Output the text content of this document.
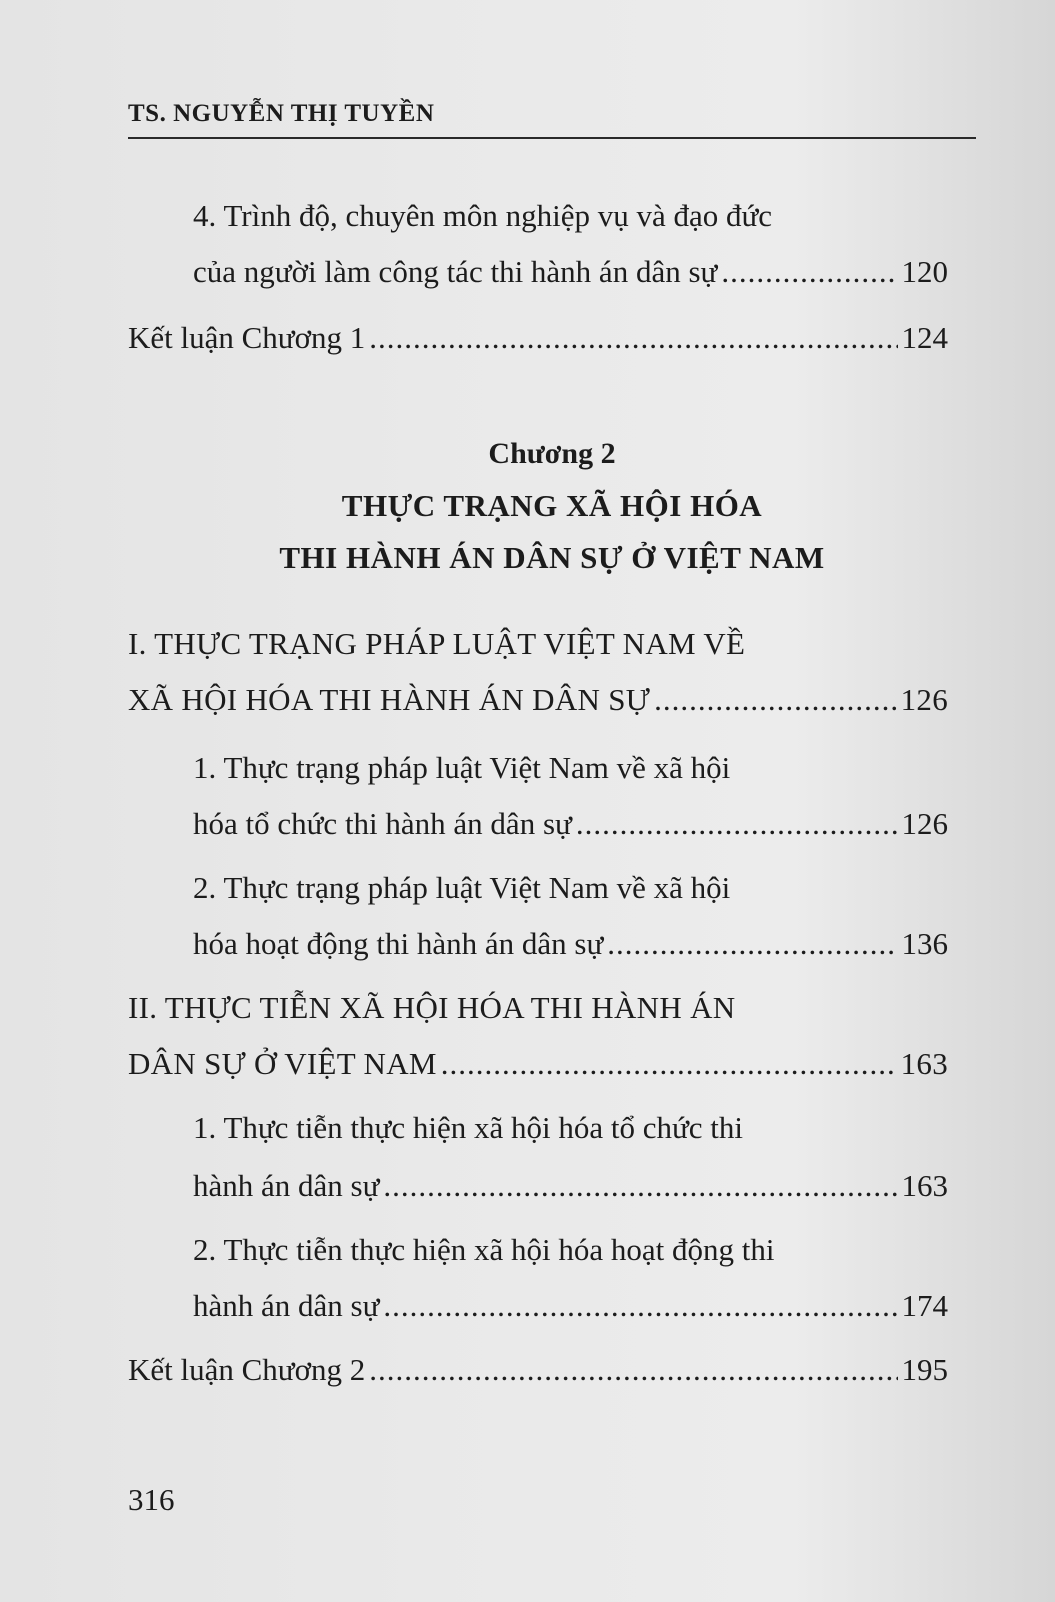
TS. NGUYỄN THỊ TUYỀN
4. Trình độ, chuyên môn nghiệp vụ và đạo đức
của người làm công tác thi hành án dân sự .....	120
Kết luận Chương 1 .....	124
Chương 2
THỰC TRẠNG XÃ HỘI HÓA
THI HÀNH ÁN DÂN SỰ Ở VIỆT NAM
I. THỰC TRẠNG PHÁP LUẬT VIỆT NAM VỀ
XÃ HỘI HÓA THI HÀNH ÁN DÂN SỰ .....	126
1. Thực trạng pháp luật Việt Nam về xã hội
hóa tổ chức thi hành án dân sự .....	126
2. Thực trạng pháp luật Việt Nam về xã hội
hóa hoạt động thi hành án dân sự .....	136
II. THỰC TIỄN XÃ HỘI HÓA THI HÀNH ÁN
DÂN SỰ Ở VIỆT NAM .....	163
1. Thực tiễn thực hiện xã hội hóa tổ chức thi
hành án dân sự .....	163
2. Thực tiễn thực hiện xã hội hóa hoạt động thi
hành án dân sự .....	174
Kết luận Chương 2 .....	195
316
